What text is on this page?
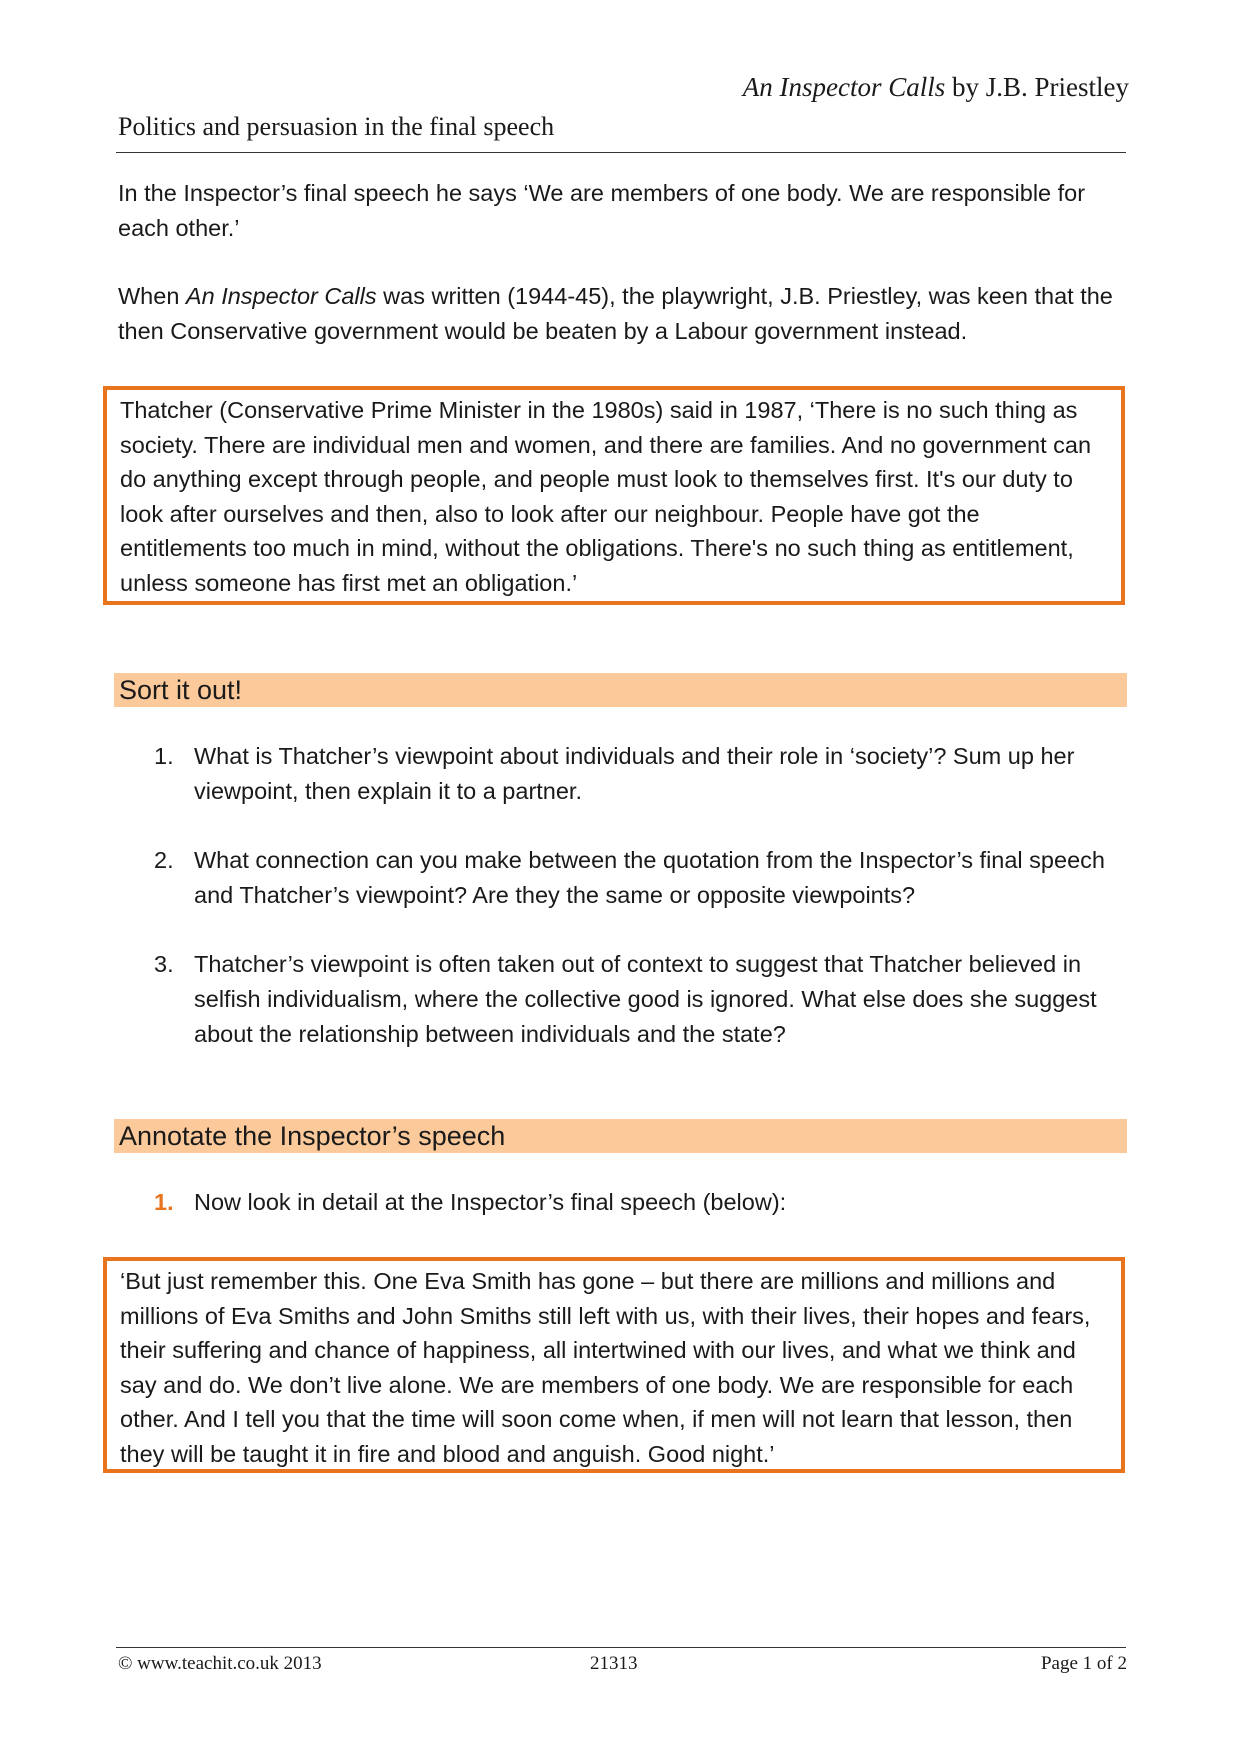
An Inspector Calls by J.B. Priestley
Politics and persuasion in the final speech
In the Inspector’s final speech he says ‘We are members of one body. We are responsible for each other.’
When An Inspector Calls was written (1944-45), the playwright, J.B. Priestley, was keen that the then Conservative government would be beaten by a Labour government instead.
Thatcher (Conservative Prime Minister in the 1980s) said in 1987, ‘There is no such thing as society. There are individual men and women, and there are families. And no government can do anything except through people, and people must look to themselves first. It's our duty to look after ourselves and then, also to look after our neighbour. People have got the entitlements too much in mind, without the obligations. There's no such thing as entitlement, unless someone has first met an obligation.’
Sort it out!
1. What is Thatcher’s viewpoint about individuals and their role in ‘society’? Sum up her viewpoint, then explain it to a partner.
2. What connection can you make between the quotation from the Inspector’s final speech and Thatcher’s viewpoint? Are they the same or opposite viewpoints?
3. Thatcher’s viewpoint is often taken out of context to suggest that Thatcher believed in selfish individualism, where the collective good is ignored. What else does she suggest about the relationship between individuals and the state?
Annotate the Inspector’s speech
1. Now look in detail at the Inspector’s final speech (below):
‘But just remember this. One Eva Smith has gone – but there are millions and millions and millions of Eva Smiths and John Smiths still left with us, with their lives, their hopes and fears, their suffering and chance of happiness, all intertwined with our lives, and what we think and say and do. We don’t live alone. We are members of one body. We are responsible for each other. And I tell you that the time will soon come when, if men will not learn that lesson, then they will be taught it in fire and blood and anguish. Good night.’
© www.teachit.co.uk 2013	21313	Page 1 of 2
